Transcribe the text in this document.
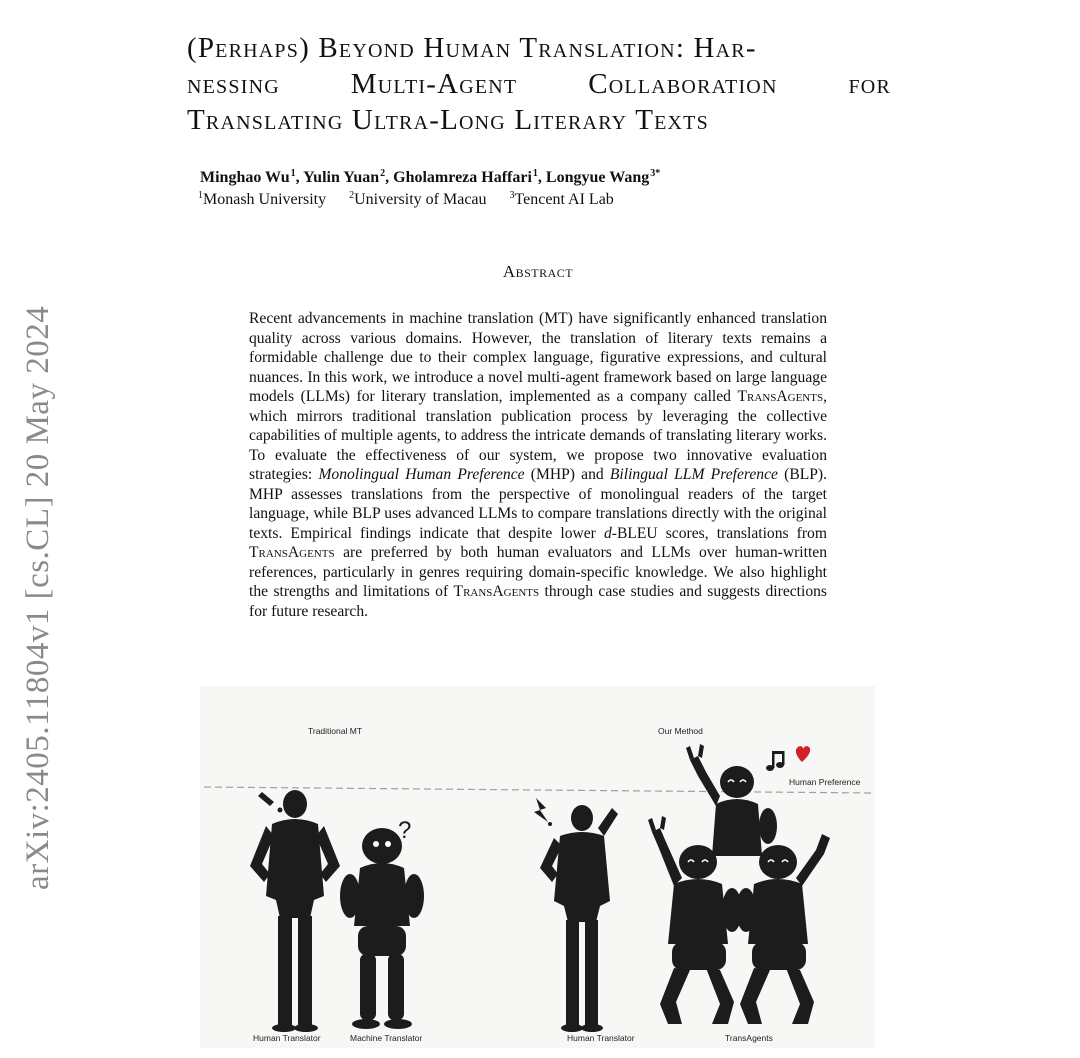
arXiv:2405.11804v1 [cs.CL] 20 May 2024
(Perhaps) Beyond Human Translation: Har-
nessing Multi-Agent Collaboration for
Translating Ultra-Long Literary Texts
Minghao Wu$^1$, Yulin Yuan$^2$, Gholamreza Haffari$^1$, Longyue Wang$^{3*}$
$^1$Monash University $^2$University of Macau $^3$Tencent AI Lab
Abstract
Recent advancements in machine translation (MT) have significantly enhanced translation quality across various domains. However, the translation of literary texts remains a formidable challenge due to their complex language, figurative expressions, and cultural nuances. In this work, we introduce a novel multi-agent framework based on large language models (LLMs) for literary translation, implemented as a company called TransAgents, which mirrors traditional translation publication process by leveraging the collective capabilities of multiple agents, to address the intricate demands of translating literary works. To evaluate the effectiveness of our system, we propose two innovative evaluation strategies: Monolingual Human Preference (MHP) and Bilingual LLM Preference (BLP). MHP assesses translations from the perspective of monolingual readers of the target language, while BLP uses advanced LLMs to compare translations directly with the original texts. Empirical findings indicate that despite lower d-BLEU scores, translations from TransAgents are preferred by both human evaluators and LLMs over human-written references, particularly in genres requiring domain-specific knowledge. We also highlight the strengths and limitations of TransAgents through case studies and suggests directions for future research.
Traditional MT	Our Method
Human Preference
?
Human Translator	Machine Translator	Human Translator	TransAgents
